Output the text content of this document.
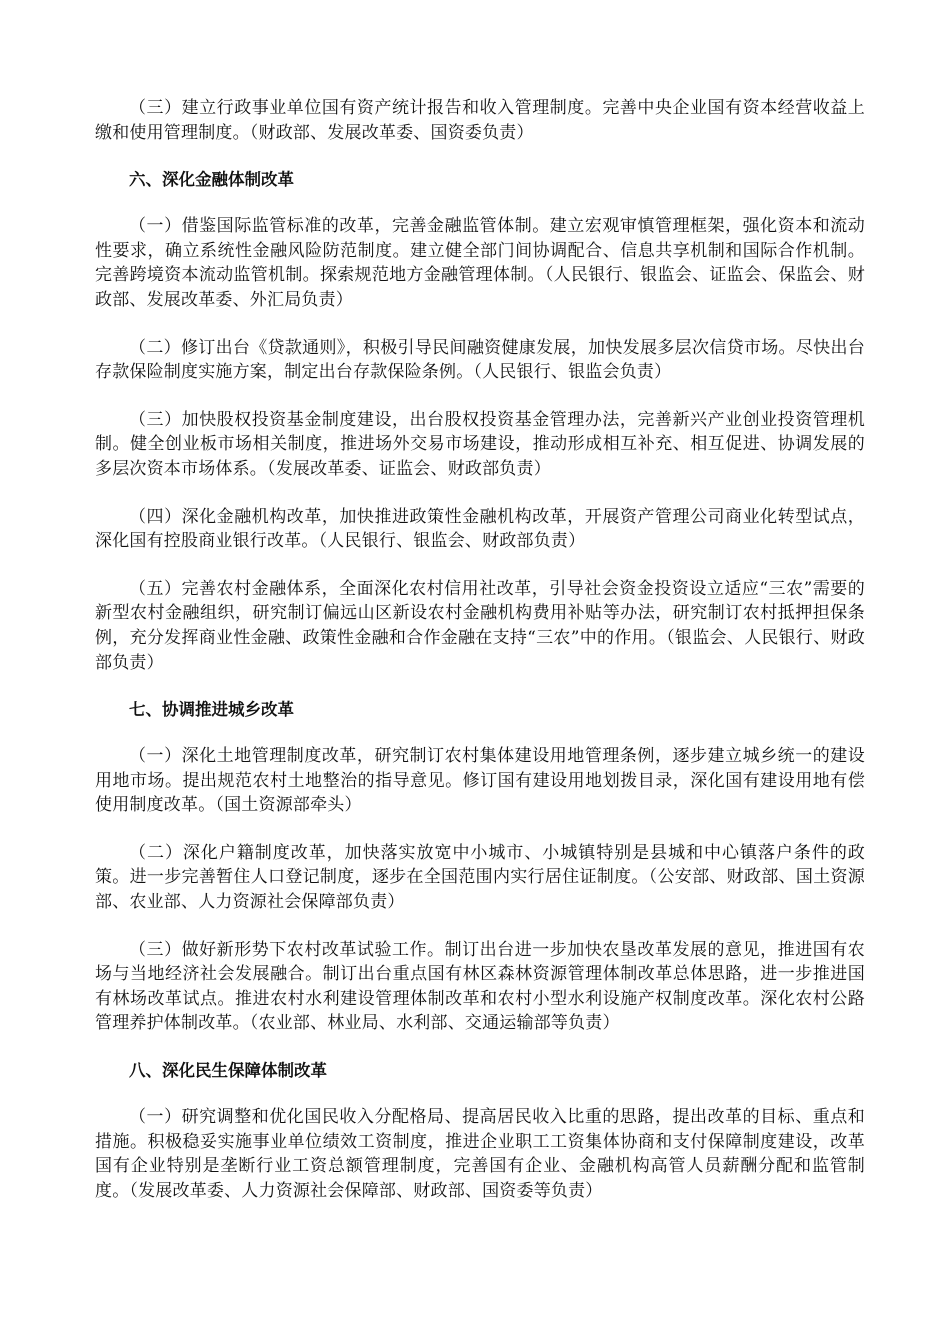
（三）建立行政事业单位国有资产统计报告和收入管理制度。完善中央企业国有资本经营收益上缴和使用管理制度。（财政部、发展改革委、国资委负责）

六、深化金融体制改革

（一）借鉴国际监管标准的改革，完善金融监管体制。建立宏观审慎管理框架，强化资本和流动性要求，确立系统性金融风险防范制度。建立健全部门间协调配合、信息共享机制和国际合作机制。完善跨境资本流动监管机制。探索规范地方金融管理体制。（人民银行、银监会、证监会、保监会、财政部、发展改革委、外汇局负责）

（二）修订出台《贷款通则》，积极引导民间融资健康发展，加快发展多层次信贷市场。尽快出台存款保险制度实施方案，制定出台存款保险条例。（人民银行、银监会负责）

（三）加快股权投资基金制度建设，出台股权投资基金管理办法，完善新兴产业创业投资管理机制。健全创业板市场相关制度，推进场外交易市场建设，推动形成相互补充、相互促进、协调发展的多层次资本市场体系。（发展改革委、证监会、财政部负责）

（四）深化金融机构改革，加快推进政策性金融机构改革，开展资产管理公司商业化转型试点，深化国有控股商业银行改革。（人民银行、银监会、财政部负责）

（五）完善农村金融体系，全面深化农村信用社改革，引导社会资金投资设立适应“三农”需要的新型农村金融组织，研究制订偏远山区新设农村金融机构费用补贴等办法，研究制订农村抵押担保条例，充分发挥商业性金融、政策性金融和合作金融在支持“三农”中的作用。（银监会、人民银行、财政部负责）

七、协调推进城乡改革

（一）深化土地管理制度改革，研究制订农村集体建设用地管理条例，逐步建立城乡统一的建设用地市场。提出规范农村土地整治的指导意见。修订国有建设用地划拨目录，深化国有建设用地有偿使用制度改革。（国土资源部牵头）

（二）深化户籍制度改革，加快落实放宽中小城市、小城镇特别是县城和中心镇落户条件的政策。进一步完善暂住人口登记制度，逐步在全国范围内实行居住证制度。（公安部、财政部、国土资源部、农业部、人力资源社会保障部负责）

（三）做好新形势下农村改革试验工作。制订出台进一步加快农垦改革发展的意见，推进国有农场与当地经济社会发展融合。制订出台重点国有林区森林资源管理体制改革总体思路，进一步推进国有林场改革试点。推进农村水利建设管理体制改革和农村小型水利设施产权制度改革。深化农村公路管理养护体制改革。（农业部、林业局、水利部、交通运输部等负责）

八、深化民生保障体制改革

（一）研究调整和优化国民收入分配格局、提高居民收入比重的思路，提出改革的目标、重点和措施。积极稳妥实施事业单位绩效工资制度，推进企业职工工资集体协商和支付保障制度建设，改革国有企业特别是垄断行业工资总额管理制度，完善国有企业、金融机构高管人员薪酬分配和监管制度。（发展改革委、人力资源社会保障部、财政部、国资委等负责）
